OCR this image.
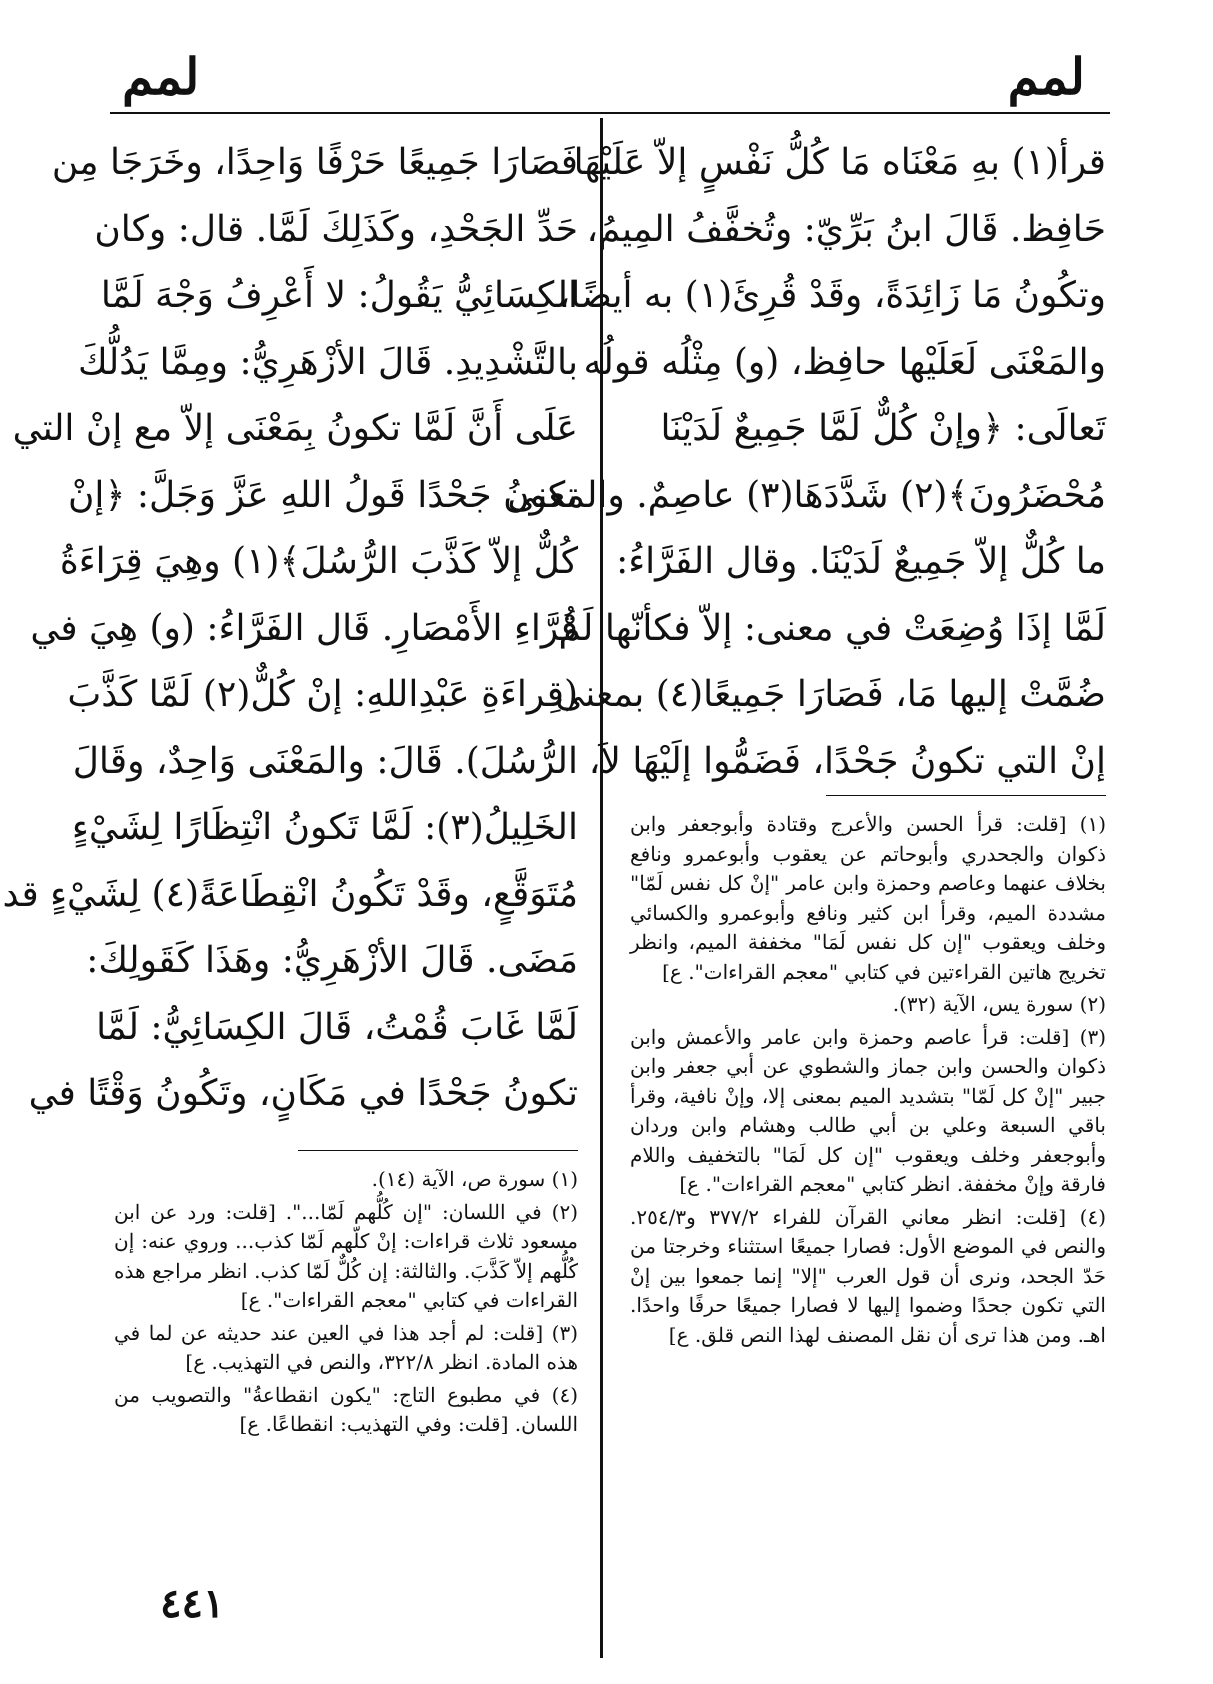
لمم
لمم
قرأ(١) بهِ مَعْنَاه مَا كُلُّ نَفْسٍ إلاّ عَلَيْهَا
حَافِظ. قَالَ ابنُ بَرِّيّ: وتُخفَّفُ المِيمُ،
وتكُونُ مَا زَائِدَةً، وقَدْ قُرِئَ(١) به أيضًا،
والمَعْنَى لَعَلَيْها حافِظ، (و) مِثْلُه قولُه
تَعالَى: ﴿وإنْ كُلٌّ لَمَّا جَمِيعٌ لَدَيْنَا
مُحْضَرُونَ﴾(٢) شَدَّدَهَا(٣) عاصِمٌ. والمعنى
ما كُلٌّ إلاّ جَمِيعٌ لَدَيْنَا. وقال الفَرَّاءُ:
لَمَّا إذَا وُضِعَتْ في معنى: إلاّ فكأنّها لَمْ
ضُمَّتْ إليها مَا، فَصَارَا جَمِيعًا(٤) بمعنى
إنْ التي تكونُ جَحْدًا، فَضَمُّوا إلَيْهَا لاَ،
(١) [قلت: قرأ الحسن والأعرج وقتادة وأبوجعفر وابن ذكوان والجحدري وأبوحاتم عن يعقوب وأبوعمرو ونافع بخلاف عنهما وعاصم وحمزة وابن عامر "إنْ كل نفس لَمّا" مشددة الميم، وقرأ ابن كثير ونافع وأبوعمرو والكسائي وخلف ويعقوب "إن كل نفس لَمَا" مخففة الميم، وانظر تخريج هاتين القراءتين في كتابي "معجم القراءات". ع]
(٢) سورة يس، الآية (٣٢).
(٣) [قلت: قرأ عاصم وحمزة وابن عامر والأعمش وابن ذكوان والحسن وابن جماز والشطوي عن أبي جعفر وابن جبير "إنْ كل لَمّا" بتشديد الميم بمعنى إلا، وإنْ نافية، وقرأ باقي السبعة وعلي بن أبي طالب وهشام وابن وردان وأبوجعفر وخلف ويعقوب "إن كل لَمَا" بالتخفيف واللام فارقة وإنْ مخففة. انظر كتابي "معجم القراءات". ع]
(٤) [قلت: انظر معاني القرآن للفراء ٣٧٧/٢ و٢٥٤/٣. والنص في الموضع الأول: فصارا جميعًا استثناء وخرجتا من حَدّ الجحد، ونرى أن قول العرب "إلا" إنما جمعوا بين إنْ التي تكون جحدًا وضموا إليها لا فصارا جميعًا حرفًا واحدًا. اهـ. ومن هذا ترى أن نقل المصنف لهذا النص قلق. ع]
فَصَارَا جَمِيعًا حَرْفًا وَاحِدًا، وخَرَجَا مِن
حَدِّ الجَحْدِ، وكَذَلِكَ لَمَّا. قال: وكان
الكِسَائِيُّ يَقُولُ: لا أَعْرِفُ وَجْهَ لَمَّا
بالتَّشْدِيدِ. قَالَ الأزْهَرِيُّ: ومِمَّا يَدُلُّكَ
عَلَى أَنَّ لَمَّا تكونُ بِمَعْنَى إلاّ مع إنْ التي
تكونُ جَحْدًا قَولُ اللهِ عَزَّ وَجَلَّ: ﴿إنْ
كُلٌّ إلاّ كَذَّبَ الرُّسُلَ﴾(١) وهِيَ قِرَاءَةُ
قُرَّاءِ الأَمْصَارِ. قَال الفَرَّاءُ: (و) هِيَ في
(قِراءَةِ عَبْدِاللهِ: إنْ كُلٌّ(٢) لَمَّا كَذَّبَ
الرُّسُلَ). قَالَ: والمَعْنَى وَاحِدٌ، وقَالَ
الخَلِيلُ(٣): لَمَّا تَكونُ انْتِظَارًا لِشَيْءٍ
مُتَوَقَّعٍ، وقَدْ تَكُونُ انْقِطَاعَةً(٤) لِشَيْءٍ قد
مَضَى. قَالَ الأزْهَرِيُّ: وهَذَا كَقَولِكَ:
لَمَّا غَابَ قُمْتُ، قَالَ الكِسَائِيُّ: لَمَّا
تكونُ جَحْدًا في مَكَانٍ، وتَكُونُ وَقْتًا في
(١) سورة ص، الآية (١٤).
(٢) في اللسان: "إن كُلُّهم لَمّا...". [قلت: ورد عن ابن مسعود ثلاث قراءات: إنْ كلّهم لَمّا كذب... وروي عنه: إن كُلُّهم إلاّ كَذَّبَ. والثالثة: إن كُلٌّ لَمّا كذب. انظر مراجع هذه القراءات في كتابي "معجم القراءات". ع]
(٣) [قلت: لم أجد هذا في العين عند حديثه عن لما في هذه المادة. انظر ٣٢٢/٨، والنص في التهذيب. ع]
(٤) في مطبوع التاج: "يكون انقطاعةُ" والتصويب من اللسان. [قلت: وفي التهذيب: انقطاعًا. ع]
٤٤١
